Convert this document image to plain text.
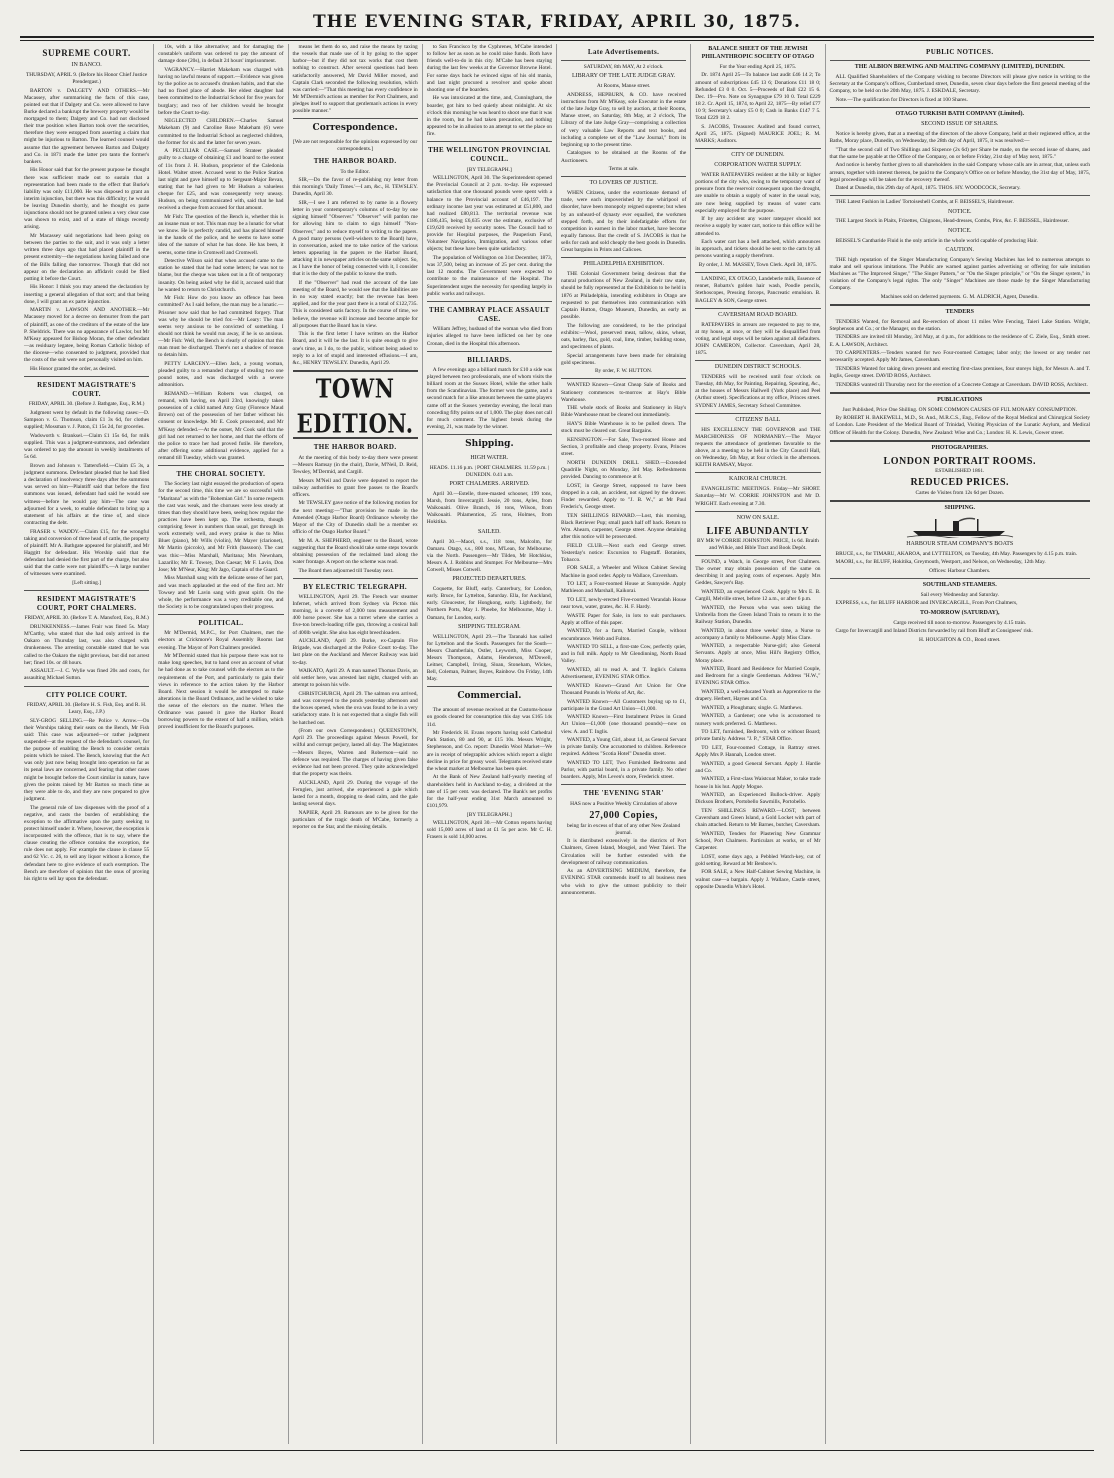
THE EVENING STAR, FRIDAY, APRIL 30, 1875.
SUPREME COURT.
IN BANCO.

THURSDAY, APRIL 9. (Before his Honor Chief Justice Prendergast.)

BARTON v. DALGETY AND OTHERS.—Mr Macassey, after summarising the facts of this case, pointed out that if Dalgety and Co. were allowed to have Burke declared a bankrupt the brewery property would be mortgaged to them; Dalgety and Co. had not disclosed their true position when Barton took over the securities, therefore they were estopped from asserting a claim that might be injurious to Barton. The learned counsel would assume that the agreement between Barton and Dalgety and Co. in 1871 made the latter pro tanto the former's bankers.

His Honor said that for the present purpose he thought there was sufficient made out to sustain that a representation had been made to the effect that Burke's liability was only £11,000. He was disposed to grant an interim injunction, but there was this difficulty; he would be leaving Dunedin shortly, and he thought ex parte injunctions should not be granted unless a very clear case was shown to exist, and of a state of things recently arising.

Mr Macassey said negotiations had been going on between the parties to the suit, and it was only a letter written three days ago that had placed plaintiff in the present extremity—the negotiations having failed and one of the Bills falling due tomorrow. Though that did not appear on the declaration an affidavit could be filed putting it before the Court.

His Honor: I think you may amend the declaration by inserting a general allegation of that sort; and that being done, I will grant an ex parte injunction.

MARTIN v. LAWSON AND ANOTHER.—Mr Macassey moved for a decree on demurrer from the part of plaintiff, as one of the creditors of the estate of the late P. Sheldrick. There was no appearance of Lawlor, but Mr M'Keay appeared for Bishop Moran, the other defendant—as residuary legatee, being Roman Catholic bishop of the diocese—who consented to judgment, provided that the costs of the suit were not personally visited on him.

His Honor granted the order, as desired.

RESIDENT MAGISTRATE'S COURT.

FRIDAY, APRIL 30. (Before J. Bathgate, Esq., R.M.)

Judgment went by default in the following cases:—D. Sampson v. G. Thomson, claim £1 3s 6d, for clothes supplied; Mossman v. J. Paton, £1 15s 2d, for groceries.

Wadsworth v. Branksel.—Claim £1 15s 6d, for milk supplied. This was a judgment-summons, and defendant was ordered to pay the amount in weekly instalments of 5s 6d.

Brown and Johnson v. Tattersfield.—Claim £5 3s, a judgment summons. Defendant pleaded that he had filed a declaration of insolvency three days after the summons was served on him—Plaintiff said that before the first summons was issued, defendant had said he would see witness—before he would pay him—The case was adjourned for a week, to enable defendant to bring up a statement of his affairs at the time of, and since contracting the debt.

FRASER v. WADDY.—Claim £15, for the wrongful taking and conversion of three head of cattle, the property of plaintiff. Mr A. Bathgate appeared for plaintiff, and Mr Haggitt for defendant. His Worship said that the defendant had denied the first part of the charge, but also said that the cattle were not plaintiff's.—A large number of witnesses were examined.

[Left sitting.]

RESIDENT MAGISTRATE'S COURT, PORT CHALMERS.

FRIDAY, APRIL 30. (Before T. A. Mansford, Esq., R.M.)

DRUNKENNESS.—James Frair was fined 5s. Mary M'Carthy, who stated that she had only arrived in the Oakaro on Thursday last, was also charged with drunkenness. The arresting constable stated that he was called to the Oakaro the night previous, but did not arrest her; fined 10s. or 48 hours.

ASSAULT.—J. C. Wylie was fined 20s and costs, for assaulting Michael Sutton.

CITY POLICE COURT.

FRIDAY, APRIL 30. (Before H. S. Fish, Esq. and R. H. Leary, Esq., J.P.)

SLY-GROG SELLING.—Re Police v. Arrow.—On their Worships taking their seats on the Bench, Mr Fish said: This case was adjourned—or rather judgment suspended—at the request of the defendant's counsel, for the purpose of enabling the Bench to consider certain points which he raised. The Bench, knowing that the Act was only just now being brought into operation so far as its penal laws are concerned, and fearing that other cases might be brought before the Court similar in nature, have given the points raised by Mr Barton so much time as they were able to do, and they are now prepared to give judgment.

The general rule of law dispenses with the proof of a negative, and casts the burden of establishing the exception to the affirmative upon the party seeking to protect himself under it. Where, however, the exception is incorporated with the offence, that is to say, where the clause creating the offence contains the exception, the rule does not apply. For example the clause in clause 55 and 62 Vic. c. 26, to sell any liquor without a licence, the defendant here to give evidence of such exemption. The Bench are therefore of opinion that the onus of proving his right to sell lay upon the defendant.

10s, with a like alternative; and for damaging the constable's uniform was ordered to pay the amount of damage done (20s), in default 24 hours' imprisonment.

VAGRANCY.—Harriet Makeham was charged with having no lawful means of support.—Evidence was given by the police as to accused's drunken habits, and that she had no fixed place of abode. Her eldest daughter had been committed to the Industrial School for five years for burglary; and two of her children would be brought before the Court to-day.

NEGLECTED CHILDREN.—Charles Samuel Makeham (9) and Caroline Rose Makeham (6) were committed to the Industrial School as neglected children, the former for six and the latter for seven years.

A PECULIAR CASE.—Samuel Strateer pleaded guilty to a charge of obtaining £1 and board to the extent of 11s from J. H. Hudson, proprietor of the Caledonia Hotel. Walter street. Accused went to the Police Station last night and gave himself up to Sergeant-Major Bevan, stating that he had given to Mr Hudson a valueless cheque for £25, and was consequently very uneasy. Hudson, on being communicated with, said that he had received a cheque from accused for that amount.

Mr Fish: The question of the Bench is, whether this is an insane man or not. This man may be a lunatic for what we know. He is perfectly candid, and has placed himself in the hands of the police, and he seems to have some idea of the nature of what he has done. He has been, it seems, some time in Cromwell and Cromwell.

Detective Wilson said that when accused came to the station he stated that he had some letters; he was not to blame, but the cheque was taken out in a fit of temporary insanity. On being asked why he did it, accused said that he wanted to return to Christchurch.

Mr Fish: How do you know an offence has been committed? As I said before, the man may be a lunatic.—Prisoner now said that he had committed forgery. That was why he should be tried for.—Mr Leary: The man seems very anxious to be convicted of something. I should not think he would run away, if he is so anxious.—Mr Fish: Well, the Bench is clearly of opinion that this man must be discharged. There's not a shadow of reason to detain him.

PETTY LARCENY.—Ellen Jack, a young woman, pleaded guilty to a remanded charge of stealing two one pound notes, and was discharged with a severe admonition.

REMAND.—William Roberts was charged, on remand, with having, on April 23rd, knowingly taken possession of a child named Amy Gray (Florence Maud Brown) out of the possession of her father without his consent or knowledge. Mr E. Cook prosecuted, and Mr M'Keay defended.—At the outset, Mr Cook said that the girl had not returned to her home, and that the efforts of the police to trace her had proved futile. He therefore, after offering some additional evidence, applied for a remand till Tuesday, which was granted.

THE CHORAL SOCIETY.

The Society last night essayed the production of opera for the second time, this time we are so successful with "Maritana" as with the "Bohemian Girl." In some respects the cast was weak, and the choruses were less steady at times than they should have been, seeing how regular the practices have been kept up. The orchestra, though comprising fewer in numbers than usual, got through its work extremely well, and every praise is due to Miss Bluet (piano), Mr Wills (violin), Mr Mayer (clarionet), Mr Martin (piccolo), and Mr Frith (bassoon). The cast was this:—Miss Marshall, Maritana; Mrs Newnham, Lazarillo; Mr E. Towsey, Don Caesar; Mr F. Lavin, Don Jose; Mr M'Neur, King; Mr Jago, Captain of the Guard.

Miss Marshall sang with the delicate sense of her part, and was much applauded at the end of the first act. Mr Towsey and Mr Lavin sang with great spirit. On the whole, the performance was a very creditable one, and the Society is to be congratulated upon their progress.

POLITICAL.

Mr M'Dermid, M.P.C., for Port Chalmers, met the electors at Crickmore's Royal Assembly Rooms last evening. The Mayor of Port Chalmers presided.

Mr M'Dermid stated that his purpose there was not to make long speeches, but to hand over an account of what he had done as to take counsel with the electors as to the requirements of the Port, and particularly to gain their views in reference to the action taken by the Harbor Board. Next session it would be attempted to make alterations in the Board Ordinance, and he wished to take the sense of the electors on the matter. When the Ordinance was passed it gave the Harbor Board borrowing powers to the extent of half a million, which proved insufficient for the Board's purposes.

means let them do so, and raise the means by taxing the vessels that made use of it by going to the upper harbor—but if they did not tax works that cost them nothing to construct. After several questions had been satisfactorily answered, Mr David Miller moved, and Captain Clark seconded the following resolution, which was carried:—"That this meeting has every confidence in Mr M'Dermid's actions as member for Port Chalmers, and pledges itself to support that gentleman's actions in every possible manner."

Correspondence.

[We are not responsible for the opinions expressed by our correspondents.]

THE HARBOR BOARD.

To the Editor.

SIR,—Do the favor of re-publishing my letter from this morning's 'Daily Times.'—I am, &c., H. TEWSLEY. Dunedin, April 30.

SIR,—I see I am referred to by name in a flowery letter in your contemporary's columns of to-day by one signing himself "Observer." "Observer" will pardon me for allowing him to claim to sign himself "Non-Observer," and to reduce myself to writing to the papers. A good many persons (well-wishers to the Board) have, in conversation, asked me to take notice of the various letters appearing in the papers re the Harbor Board, attacking it in newspaper articles on the same subject. So, as I have the honor of being connected with it, I consider that it is the duty of the public to know the truth.

If the "Observer" had read the account of the late meeting of the Board, he would see that the liabilities are in no way stated exactly; but the revenue has been applied, and for the year past there is a total of £122,735. This is considered satis factory. In the course of time, we believe, the revenue will increase and become ample for all purposes that the Board has in view.

This is the first letter I have written on the Harbor Board, and it will be the last. It is quite enough to give one's time, as I do, to the public, without being asked to reply to a lot of stupid and interested effusions.—I am, &c., HENRY TEWSLEY. Dunedin, April 29.

TOWN EDITION.
THE HARBOR BOARD.

At the meeting of this body to-day there were present—Messrs Ramsay (in the chair), Davie, M'Neil, D. Reid, Tewsley, M'Dermid, and Cargill.

Messrs M'Neil and Davie were deputed to report the railway authorities to grant free passes to the Board's officers.

Mr TEWSLEY gave notice of the following motion for the next meeting:—"That provision be made in the Amended (Otago Harbor Board) Ordinance whereby the Mayor of the City of Dunedin shall be a member ex officio of the Otago Harbor Board."

Mr M. A. SHEPHERD, engineer to the Board, wrote suggesting that the Board should take some steps towards obtaining possession of the reclaimed land along the water frontage. A report on the scheme was read.

The Board then adjourned till Tuesday next.

BY ELECTRIC TELEGRAPH.

WELLINGTON, April 29. The French war steamer Infernet, which arrived from Sydney via Picton this morning, is a corvette of 2,000 tons measurement and 400 horse power. She has a turret where she carries a five-ton breech-loading rifle gun, throwing a conical ball of 400lb weight. She also has eight breechloaders.

AUCKLAND, April 29. Burke, ex-Captain Fire Brigade, was discharged at the Police Court to-day. The last plate on the Auckland and Mercer Railway was laid to-day.

WAIKATO, April 29. A man named Thomas Davis, an old settler here, was arrested last night, charged with an attempt to poison his wife.

CHRISTCHURCH, April 29. The salmon ova arrived, and was conveyed to the ponds yesterday afternoon and the boxes opened, when the ova was found to be in a very satisfactory state. It is not expected that a single fish will be hatched out.

(From our own Correspondent.) QUEENSTOWN, April 29. The proceedings against Messrs Powell, for wilful and corrupt perjury, lasted all day. The Magistrates—Messrs Boyes, Warren and Robertson—said no defence was required. The charges of having given false evidence had not been proved. They quite acknowledged that the property was theirs.

AUCKLAND, April 29. During the voyage of the Fernglen, just arrived, she experienced a gale which lasted for a month, dropping to dead calm, and the gale lasting several days.

NAPIER, April 29. Rumours are to be given for the particulars of the tragic death of M'Cabe, formerly a reporter on the Star, and the missing details.

to San Francisco by the Cyphrenes, M'Cabe intended to follow her as soon as he could raise funds. Both have friends well-to-do in this city. M'Cabe has been staying during the last few weeks at the Governor Browne Hotel. For some days back he evinced signs of his old mania, and last night procured a revolver and spoke about shooting one of the boarders.

He was intoxicated at the time, and, Cunningham, the boarder, got him to bed quietly about midnight. At six o'clock this morning he was heard to shoot one that it was in the room, but he had taken precaution, and nothing appeared to be in allusion to an attempt to set the place on fire.

THE WELLINGTON PROVINCIAL COUNCIL.

[BY TELEGRAPH.]

WELLINGTON, April 30. The Superintendent opened the Provincial Council at 2 p.m. to-day. He expressed satisfaction that one thousand pounds were spent with a balance to the Provincial account of £46,197. The ordinary income last year was estimated at £51,800, and had realized £80,813. The territorial revenue was £186,435, being £6,635 over the estimate, exclusive of £19,620 received by security notes. The Council had to provide for Hospital purposes, the Pauperism Fund, Volunteer Navigation, Immigration, and various other objects; but these have been quite satisfactory.

The population of Wellington on 31st December, 1873, was 37,500, being an increase of 25 per cent. during the last 12 months. The Government were expected to contribute to the maintenance of the Hospital. The Superintendent urges the necessity for spending largely in public works and railways.

THE CAMBRAY PLACE ASSAULT CASE.

William Jeffrey, husband of the woman who died from injuries alleged to have been inflicted on her by one Cronan, died in the Hospital this afternoon.

BILLIARDS.

A few evenings ago a billiard match for £10 a side was played between two professionals, one of whom visits the billiard room at the Sussex Hotel, while the other hails from the Scandinavian. The former won the game, and a second match for a like amount between the same players came off at the Sussex yesterday evening, the local man conceding fifty points out of 1,000. The play does not call for much comment. The highest break during the evening, 21, was made by the winner.

Shipping.
HIGH WATER.

HEADS. 11.16 p.m. | PORT CHALMERS. 11.59 p.m. | DUNEDIN. 0.41 a.m.

PORT CHALMERS. ARRIVED.

April 30.—Estelle, three-masted schooner, 199 tons, Marsh, from Invercargill. Jessie, 20 tons, Ayles, from Waikouaiti. Olive Branch, 16 tons, Wilson, from Waikouaiti. Phlamention, 25 tons, Holmes, from Hokitika.

SAILED.

April 30.—Maori, s.s., 118 tons, Malcolm, for Oamaru. Otago, s.s., 800 tons, M'Lean, for Melbourne, via the North. Passengers—Mr Tilden, Mr Hotchkiss, Messrs A. J. Robbins and Stumper. For Melbourne—Mrs Cotwell, Misses Cotwell.

PROJECTED DEPARTURES.

Coquette, for Bluff, early. Canterbury, for London, early. Bruce, for Lyttelton, Saturday. Ella, for Auckland, early. Gloucester, for Hongkong, early. Lightbody, for Northern Ports, May 1. Phoebe, for Melbourne, May 1. Oamaru, for London, early.

SHIPPING TELEGRAM.

WELLINGTON, April 29.—The Taranaki has sailed for Lyttelton and the South. Passengers for the South—Messrs Chamberlain, Ostler, Leyworth, Miss Cooper, Messrs Thompson, Adams, Henderson, M'Dowell, Leitner, Campbell, Irving, Sloan, Stoneham, Wickes, Bell, Coleman, Palmer, Boyes, Rainbow. On Friday, 14th May.

Commercial.

The amount of revenue received at the Customs-house on goods cleared for consumption this day was £165 14s 11d.

Mr Frederick H. Evans reports having sold Cathedral Park Station, 80 and 90, at £15 10s. Messrs Wright, Stephenson, and Co. report: Dunedin Wool Market—We are in receipt of telegraphic advices which report a slight decline in price for greasy wool. Telegrams received state the wheat market at Melbourne has been quiet.

At the Bank of New Zealand half-yearly meeting of shareholders held in Auckland to-day, a dividend at the rate of 15 per cent. was declared. The Bank's net profits for the half-year ending 31st March amounted to £101,979.

[BY TELEGRAPH.]

WELLINGTON, April 30.—Mr Cotton reports having sold 15,000 acres of land at £1 5s per acre. Mr C. H. Frasers is sold 14,000 acres.

Late Advertisements.

SATURDAY, 8th MAY, At 2 o'clock.

LIBRARY OF THE LATE JUDGE GRAY.

At Rooms, Manse street.

ANDRESS, HEPBURN, & CO. have received instructions from Mr M'Keay, sole Executor in the estate of the late Judge Gray, to sell by auction, at their Rooms, Manse street, on Saturday, 8th May, at 2 o'clock, The Library of the late Judge Gray—comprising a collection of very valuable Law Reports and text books, and including a complete set of the "Law Journal," from its beginning up to the present time.

Catalogues to be obtained at the Rooms of the Auctioneers.

Terms at sale.

TO LOVERS OF JUSTICE.

WHEN Citizens, under the extortionate demand of trade, were each impoverished by the whirlpool of disorder, have been monopoly reigned supreme; but when by an unheard-of dynasty ever equalled, the workmen stepped forth, and by their indefatigable efforts for competition in earnest in the labor market, have become equally famous. But the credit of S. JACOBS is that he sells for cash and sold cheaply the best goods in Dunedin. Great bargains in Prints and Calicoes.

PHILADELPHIA EXHIBITION.

THE Colonial Government being desirous that the natural productions of New Zealand, in their raw state, should be fully represented at the Exhibition to be held in 1876 at Philadelphia, intending exhibitors in Otago are requested to put themselves into communication with Captain Hutton, Otago Museum, Dunedin, as early as possible.

The following are considered, to be the principal exhibits:—Wool, preserved meat, tallow, skins, wheat, oats, barley, flax, gold, coal, lime, timber, building stone, and specimens of plants.

Special arrangements have been made for obtaining gold specimens.

By order, F. W. HUTTON.

WANTED Known—Great Cheap Sale of Books and Stationery commences to-morrow at Hay's Bible Warehouse.

THE whole stock of Books and Stationery in Hay's Bible Warehouse must be cleared out immediately.

HAY'S Bible Warehouse is to be pulled down. The stock must be cleared out. Great Bargains.

KENSINGTON.—For Sale, Two-roomed House and Section, 3 profitable and cheap property. Evans, Princes street.

NORTH DUNEDIN DRILL SHED.—Extended Quadrille Night, on Monday, 3rd May. Refreshments provided. Dancing to commence at 8.

LOST, in George Street, supposed to have been dropped in a cab, an accident, not signed by the drawer. Finder rewarded. Apply to "J. B. W.," at Mr Paul Frederic's, George street.

TEN SHILLINGS REWARD.—Lost, this morning, Black Retriever Pup; small patch half off back. Return to Wm. Ahearn, carpenter, George street. Anyone detaining after this notice will be prosecuted.

FIELD CLUB.—Next such end George street. Yesterday's notice: Excursion to Flagstaff. Botanists, Tobacco.

FOR SALE, a Wheeler and Wilson Cabinet Sewing Machine in good order. Apply to Wallace, Caversham.

TO LET, a Four-roomed House at Sunnyside. Apply Mathieson and Marshall, Kaikorai.

TO LET, newly-erected Five-roomed Verandah House near town, water, grates, &c. H. F. Hardy.

WASTE Paper for Sale, in lots to suit purchasers. Apply at office of this paper.

WANTED, for a farm, Married Couple, without encumbrance. Webb and Fulton.

WANTED TO SELL, a first-rate Cow, perfectly quiet, and in full milk. Apply to Mr Glendinning, North Road Valley.

WANTED, all to read A. and T. Inglis's Column Advertisement, EVENING STAR Office.

WANTED Known—Grand Art Union for One Thousand Pounds in Works of Art, &c.

WANTED Known—All Customers buying up to £1, participate in the Grand Art Union—£1,000.

WANTED Known—First Instalment Prizes in Grand Art Union—£1,000 (one thousand pounds)—now on view. A. and T. Inglis.

WANTED, a Young Girl, about 14, as General Servant in private family. One accustomed to children. Reference required. Address "Scotia Hotel" Dunedin street.

WANTED TO LET, Two Furnished Bedrooms and Parlor, with partial board, in a private family. No other boarders. Apply, Mrs Leven's store, Frederick street.

THE 'EVENING STAR'

HAS now a Positive Weekly Circulation of above

27,000 Copies,

being far in excess of that of any other New Zealand journal.

It is distributed extensively in the districts of Port Chalmers, Green Island, Mosgiel, and West Taieri. The Circulation will be further extended with the development of railway communication.

As an ADVERTISING MEDIUM, therefore, the EVENING STAR commends itself to all business men who wish to give the utmost publicity to their announcements.

BALANCE SHEET OF THE JEWISH PHILANTHROPIC SOCIETY OF OTAGO

For the Year ending April 25, 1875.

Dr. 1874 April 25—To balance last audit £46 14 2; To amount of subscriptions £45 13 6; Donations £11 18 0; Refunded £3 0 0. Oct. 5—Proceeds of Ball £22 15 6. Dec. 19—Pro. Note on Synagogue £79 10 0. Total £229 18 2. Cr. April 15, 1874, to April 22, 1875—By relief £77 10 9; Secretary's salary £5 0 0; Cash in Banks £147 7 5. Total £229 18 2.

S. JACOBS, Treasurer. Audited and found correct, April 25, 1875. (Signed) MAURICE JOEL; R. M. MARKS; Auditors.

CITY OF DUNEDIN.
CORPORATION WATER SUPPLY.

WATER RATEPAYERS resident at the hilly or higher portions of the city who, owing to the temporary want of pressure from the reservoir consequent upon the drought, are unable to obtain a supply of water in the usual way, are now being supplied by means of water carts especially employed for the purpose.

If by any accident any water ratepayer should not receive a supply by water cart, notice to this office will be attended to.

Each water cart has a bell attached, which announces its approach, and tickets should be sent to the carts by all persons wanting a supply therefrom.

By order, J. M. MASSEY, Town Clerk. April 30, 1875.

LANDING, EX OTAGO, Landeberle milk, Essence of rennet, Robarts's golden hair wash, Poodle pencils, Stethoscopes, Pressing forceps, Pancreatic emulsion. B. BAGLEY & SON, George street.

CAVERSHAM ROAD BOARD.

RATEPAYERS in arrears are requested to pay to me, at my house, at once, or they will be disqualified from voting, and legal steps will be taken against all defaulters. JOHN CAMERON, Collector. Caversham, April 28, 1875.

DUNEDIN DISTRICT SCHOOLS.

TENDERS will be received until four o'clock on Tuesday, 4th May, for Painting, Repairing, Spouting, &c., at the houses of Messrs Hallwell (York place) and Peel (Arthur street). Specifications at my office, Princes street. SYDNEY JAMES, Secretary School Committee.

CITIZENS' BALL

HIS EXCELLENCY THE GOVERNOR and THE MARCHIONESS OF NORMANBY.—The Mayor requests the attendance of gentlemen favorable to the above, at a meeting to be held in the City Council Hall, on Wednesday, 5th May, at four o'clock in the afternoon. KEITH RAMSAY, Mayor.

KAIKORAI CHURCH.

EVANGELISTIC MEETINGS. Friday—Mr SHORT. Saturday—Mr W. CORRIE JOHNSTON and Mr D. WRIGHT. Each evening at 7.30.

NOW ON SALE.
LIFE ABUNDANTLY

BY MR W CORRIE JOHNSTON. PRICE, 1s 6d. Braith and Wilkie, and Bible Tract and Book Depôt.

FOUND, a Watch, in George street, Port Chalmers. The owner may obtain possession of the same on describing it and paying costs of expenses. Apply Mrs Geddes, Sawyer's Bay.

WANTED, an experienced Cook. Apply to Mrs E. B. Cargill, Melville street, before 12 a.m., or after 6 p.m.

WANTED, the Person who was seen taking the Umbrella from the Green Island Train to return it to the Railway Station, Dunedin.

WANTED, in about three weeks' time, a Nurse to accompany a family to Melbourne. Apply Miss Clare.

WANTED, a respectable Nurse-girl; also General Servants. Apply at once, Miss Hill's Registry Office, Moray place.

WANTED, Board and Residence for Married Couple, and Bedroom for a single Gentleman. Address "H.W.," EVENING STAR Office.

WANTED, a well-educated Youth as Apprentice to the drapery. Herbert, Haynes and Co.

WANTED, a Ploughman; single. G. Matthews.

WANTED, a Gardener; one who is accustomed to nursery work preferred. G. Matthews.

TO LET, furnished, Bedroom, with or without Board; private family. Address "J. P.," STAR Office.

TO LET, Four-roomed Cottage, in Rattray street. Apply Mrs P. Hannah, London street.

WANTED, a good General Servant. Apply J. Hardie and Co.

WANTED, a First-class Waistcoat Maker, to take trade house in his hut. Apply Mogue.

WANTED, an Experienced Bullock-driver. Apply Dickson Brothers, Portobello Sawmills, Portobello.

TEN SHILLINGS REWARD.—LOST, between Caversham and Green Island, a Gold Locket with part of chain attached. Return to Mr Barnes, butcher, Caversham.

WANTED, Tenders for Plastering New Grammar School, Port Chalmers. Particulars at works, or of Mr Carpenter.

LOST, some days ago, a Pebbled Watch-key, cut of gold setting. Reward at Mr Benbow's.

FOR SALE, a New Half-Cabinet Sewing Machine, in walnut case—a bargain. Apply J. Wallace, Castle street, opposite Dunedin White's Hotel.

PUBLIC NOTICES.
THE ALBION BREWING AND MALTING COMPANY (LIMITED), DUNEDIN.

ALL Qualified Shareholders of the Company wishing to become Directors will please give notice in writing to the Secretary at the Company's offices, Cumberland street, Dunedin, seven clear days before the first general meeting of the Company, to be held on the 20th May, 1875. J. ESKDALE, Secretary.

Note.—The qualification for Directors is fixed at 100 Shares.

OTAGO TURKISH BATH COMPANY (Limited).
SECOND ISSUE OF SHARES.

Notice is hereby given, that at a meeting of the directors of the above Company, held at their registered office, at the Baths, Moray place, Dunedin, on Wednesday, the 28th day of April, 1875, it was resolved:—

"That the second call of Two Shillings and Sixpence (2s 6d) per Share be made, on the second issue of shares, and that the same be payable at the Office of the Company, on or before Friday, 21st day of May next, 1875."

And notice is hereby further given to all shareholders in the said Company whose calls are in arrear, that, unless such arrears, together with interest thereon, be paid to the Company's Office on or before Monday, the 31st day of May, 1875, legal proceedings will be taken for the recovery thereof.

Dated at Dunedin, this 29th day of April, 1875. THOS. HY. WOODCOCK, Secretary.

THE Latest Fashion in Ladies' Tortoiseshell Combs, at F. BEISSEL'S, Hairdresser.

NOTICE.

THE Largest Stock in Plaits, Frizettes, Chignons, Head-dresses, Combs, Pins, &c. F. BEISSEL, Hairdresser.

NOTICE.

BEISSEL'S Cantharide Fluid is the only article in the whole world capable of producing Hair.

CAUTION.

THE high reputation of the Singer Manufacturing Company's Sewing Machines has led to numerous attempts to make and sell spurious imitations. The Public are warned against parties advertising or offering for sale imitation Machines as "The Improved Singer," "The Singer Pattern," or "On the Singer principle," or "On the Singer system," in violation of the Company's legal rights. The only "Singer" Machines are those made by the Singer Manufacturing Company.

Machines sold on deferred payments. G. M. ALDRICH, Agent, Dunedin.

TENDERS

TENDERS Wanted, for Removal and Re-erection of about 11 miles Wire Fencing, Taieri Lake Station. Wright, Stephenson and Co.; or the Manager, on the station.

TENDERS are invited till Monday, 3rd May, at 4 p.m., for additions to the residence of C. Ziele, Esq., Smith street. E. A. LAWSON, Architect.

TO CARPENTERS.—Tenders wanted for two Four-roomed Cottages; labor only; the lowest or any tender not necessarily accepted. Apply Mr James, Caversham.

TENDERS Wanted for taking down present and erecting first-class premises, four storeys high, for Messrs A. and T. Inglis, George street. DAVID ROSS, Architect.

TENDERS wanted till Thursday next for the erection of a Concrete Cottage at Caversham. DAVID ROSS, Architect.

PUBLICATIONS

Just Published, Price One Shilling. ON SOME COMMON CAUSES OF FUL MONARY CONSUMPTION.

By ROBERT H. BAKEWELL, M.D., St. And., M.R.C.S., Eng., Fellow of the Royal Medical and Chirurgical Society of London. Late President of the Medical Board of Trinidad, Visiting Physician of the Lunatic Asylum, and Medical Officer of Health for the Colony. Dunedin, New Zealand: Wise and Co.; London: H. K. Lewis, Gower street.

PHOTOGRAPHERS.
LONDON PORTRAIT ROOMS.

ESTABLISHED 1861.

REDUCED PRICES.

Cartes de Visites from 12s 6d per Dozen.

SHIPPING.
HARBOUR STEAM COMPANY'S BOATS

BRUCE, s.s., for TIMARU, AKAROA, and LYTTELTON, on Tuesday, 4th May. Passengers by 4.15 p.m. train.

MAORI, s.s., for BLUFF, Hokitika, Greymouth, Westport, and Nelson, on Wednesday, 12th May.

Offices: Harbour Chambers.

SOUTHLAND STEAMERS.

Sail every Wednesday and Saturday.

EXPRESS, s.s., for BLUFF HARBOR and INVERCARGILL, From Port Chalmers,

TO-MORROW (SATURDAY),

Cargo received till noon to-morrow. Passengers by 4.15 train.

Cargo for Invercargill and Inland Districts forwarded by rail from Bluff at Consignees' risk.

H. HOUGHTON & CO., Bond street.
